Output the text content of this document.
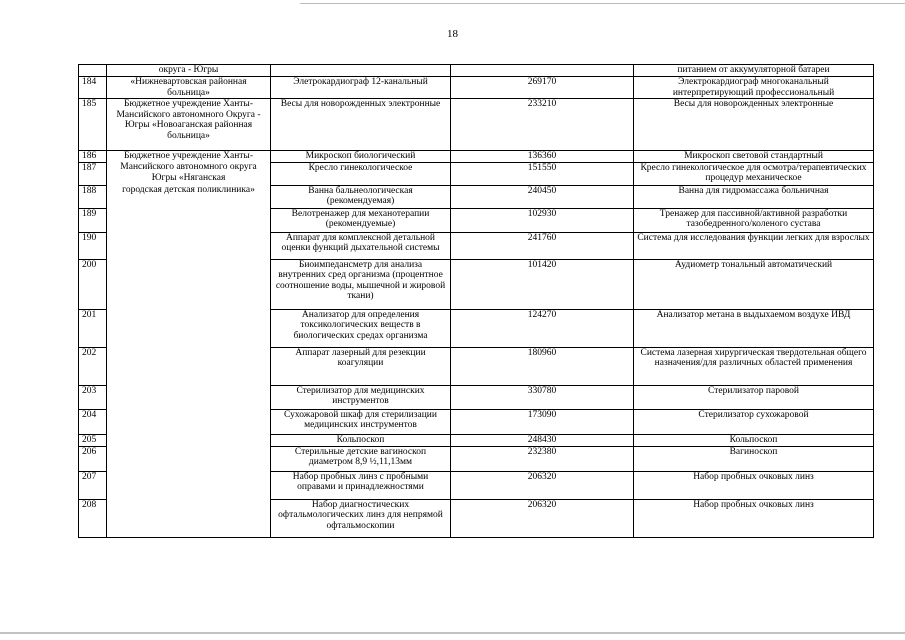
18
	округа - Югры			питанием от аккумуляторной батареи
184	«Нижневартовская районная больница»	Элетрокардиограф 12-канальный	269170	Электрокардиограф многоканальный интерпретирующий профессиональный
185	Бюджетное учреждение Ханты-Мансийского автономного Округа - Югры «Новоаганская районная больница»	Весы для новорожденных электронные	233210	Весы для новорожденных электронные
186	Бюджетное учреждение Ханты-	Микроскоп биологический	136360	Микроскоп световой стандартный
187	Мансийского автономного округа Югры «Няганская	Кресло гинекологическое	151550	Кресло гинекологическое для осмотра/терапевтических процедур механическое
188	городская детская поликлиника»	Ванна бальнеологическая (рекомендуемая)	240450	Ванна для гидромассажа больничная
189		Велотренажер для механотерапии (рекомендуемые)	102930	Тренажер для пассивной/активной разработки тазобедренного/коленого сустава
190		Аппарат для комплексной детальной оценки функций дыхательной системы	241760	Система для исследования функции легких для взрослых
200		Биоимпедансметр для анализа внутренних сред организма (процентное соотношение воды, мышечной и жировой ткани)	101420	Аудиометр тональный автоматический
201		Анализатор для определения токсикологических веществ в биологических средах организма	124270	Анализатор метана в выдыхаемом воздухе ИВД
202		Аппарат лазерный для резекции коагуляции	180960	Система лазерная хирургическая твердотельная общего назначения/для различных областей применения
203		Стерилизатор для медицинских инструментов	330780	Стерилизатор паровой
204		Сухожаровой шкаф для стерилизации медицинских инструментов	173090	Стерилизатор сухожаровой
205		Кольпоскоп	248430	Кольпоскоп
206		Стерильные детские вагиноскоп диаметром 8,9 ½,11,13мм	232380	Вагиноскоп
207		Набор пробных линз с пробными оправами и принадлежностями	206320	Набор пробных очковых линз
208		Набор диагностических офтальмологических линз для непрямой офтальмоскопии	206320	Набор пробных очковых линз
